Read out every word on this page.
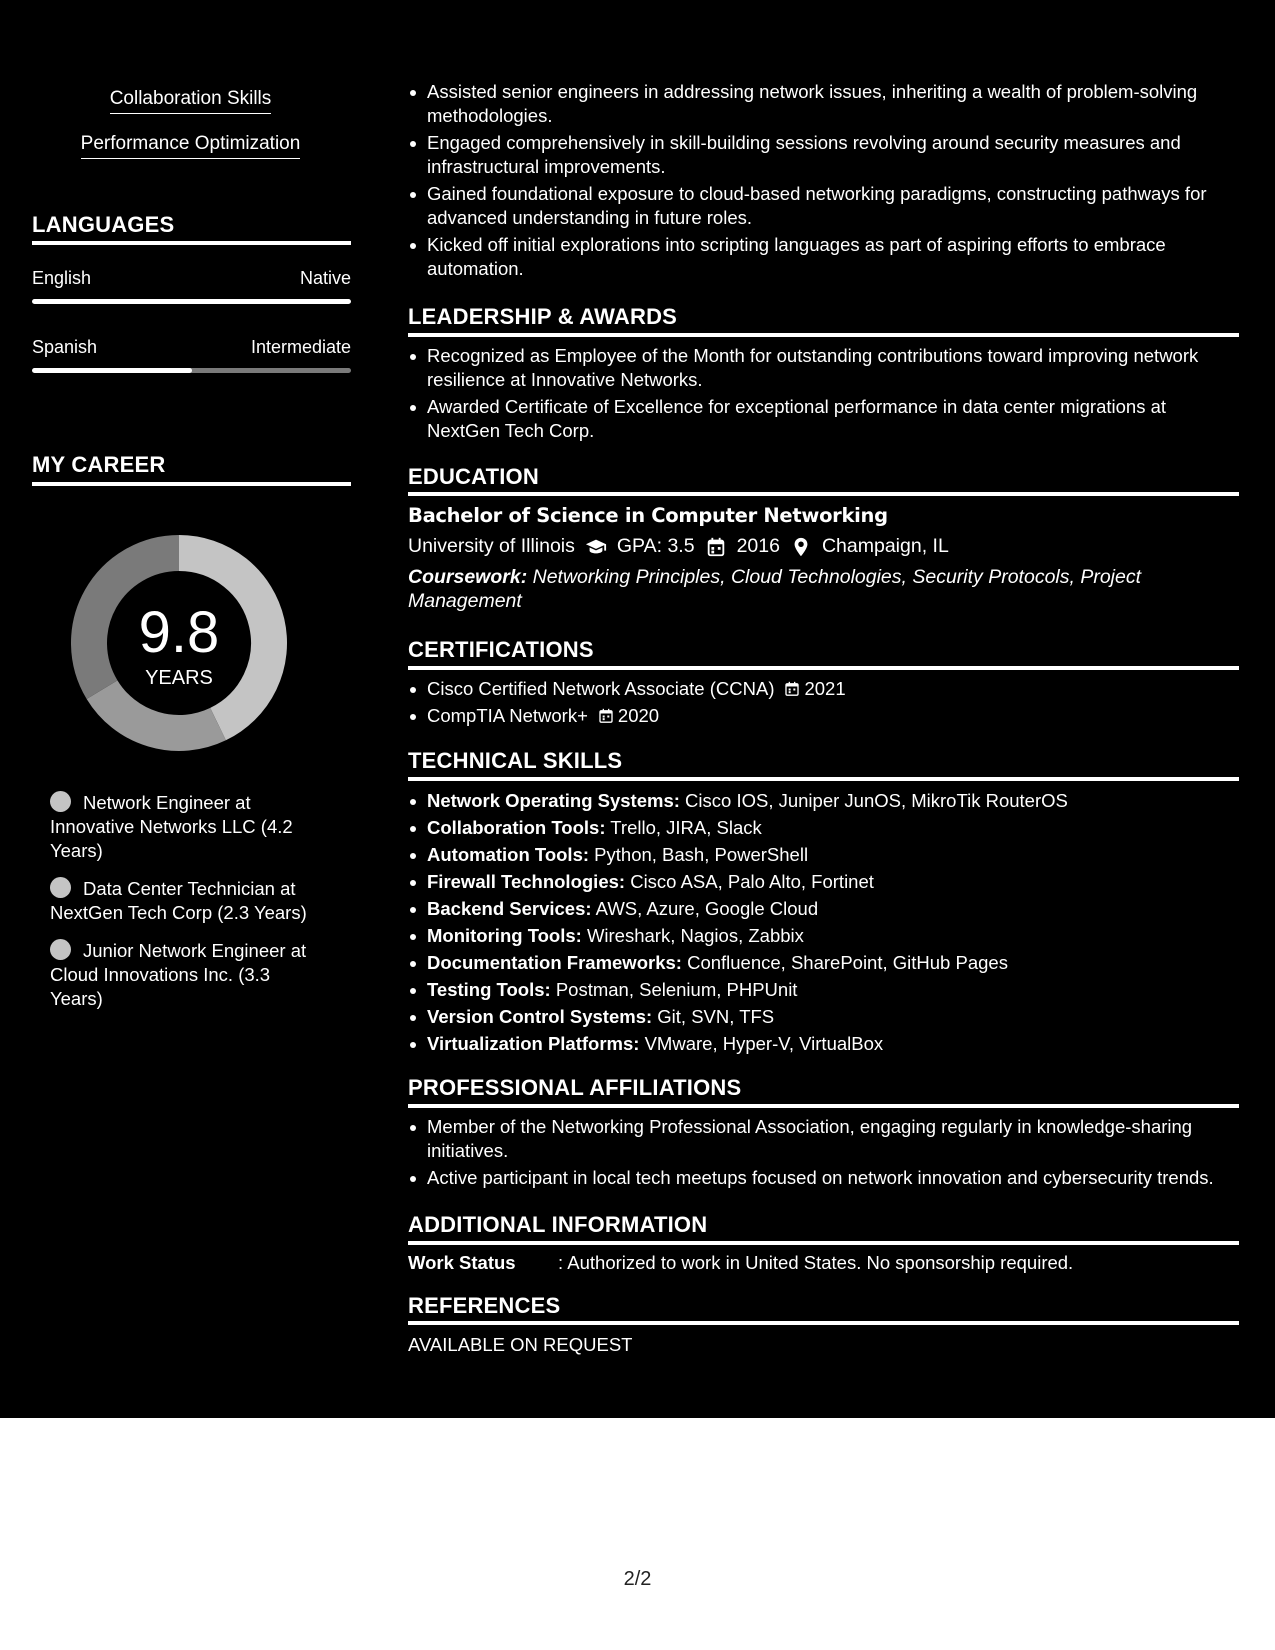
Collaboration Skills
Performance Optimization
LANGUAGES
English	Native
Spanish	Intermediate
MY CAREER
9.8
YEARS
Network Engineer at Innovative Networks LLC (4.2 Years)
Data Center Technician at NextGen Tech Corp (2.3 Years)
Junior Network Engineer at Cloud Innovations Inc. (3.3 Years)
Assisted senior engineers in addressing network issues, inheriting a wealth of problem-solving methodologies.
Engaged comprehensively in skill-building sessions revolving around security measures and infrastructural improvements.
Gained foundational exposure to cloud-based networking paradigms, constructing pathways for advanced understanding in future roles.
Kicked off initial explorations into scripting languages as part of aspiring efforts to embrace automation.
LEADERSHIP & AWARDS
Recognized as Employee of the Month for outstanding contributions toward improving network resilience at Innovative Networks.
Awarded Certificate of Excellence for exceptional performance in data center migrations at NextGen Tech Corp.
EDUCATION
Bachelor of Science in Computer Networking
University of Illinois GPA: 3.5 2016 Champaign, IL
Coursework: Networking Principles, Cloud Technologies, Security Protocols, Project Management
CERTIFICATIONS
Cisco Certified Network Associate (CCNA) 2021
CompTIA Network+ 2020
TECHNICAL SKILLS
Network Operating Systems: Cisco IOS, Juniper JunOS, MikroTik RouterOS
Collaboration Tools: Trello, JIRA, Slack
Automation Tools: Python, Bash, PowerShell
Firewall Technologies: Cisco ASA, Palo Alto, Fortinet
Backend Services: AWS, Azure, Google Cloud
Monitoring Tools: Wireshark, Nagios, Zabbix
Documentation Frameworks: Confluence, SharePoint, GitHub Pages
Testing Tools: Postman, Selenium, PHPUnit
Version Control Systems: Git, SVN, TFS
Virtualization Platforms: VMware, Hyper-V, VirtualBox
PROFESSIONAL AFFILIATIONS
Member of the Networking Professional Association, engaging regularly in knowledge-sharing initiatives.
Active participant in local tech meetups focused on network innovation and cybersecurity trends.
ADDITIONAL INFORMATION
Work Status : Authorized to work in United States. No sponsorship required.
REFERENCES
AVAILABLE ON REQUEST
2/2
